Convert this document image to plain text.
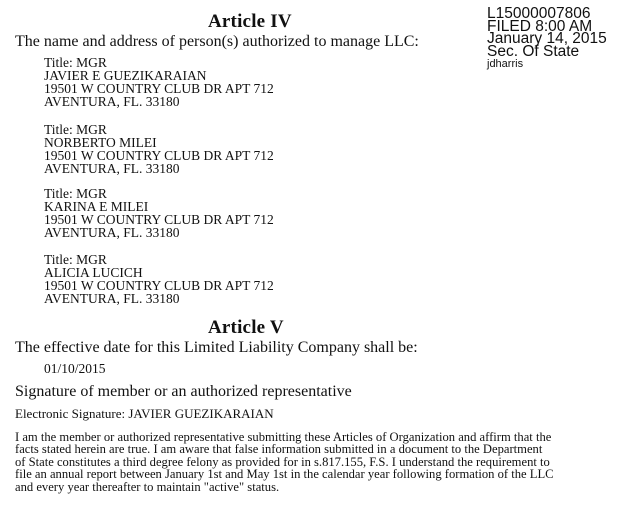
L15000007806
FILED 8:00 AM
January 14, 2015
Sec. Of State
jdharris
Article IV
The name and address of person(s) authorized to manage LLC:
Title: MGR
JAVIER E GUEZIKARAIAN
19501 W COUNTRY CLUB DR APT 712
AVENTURA, FL. 33180
Title: MGR
NORBERTO MILEI
19501 W COUNTRY CLUB DR APT 712
AVENTURA, FL. 33180
Title: MGR
KARINA E MILEI
19501 W COUNTRY CLUB DR APT 712
AVENTURA, FL. 33180
Title: MGR
ALICIA LUCICH
19501 W COUNTRY CLUB DR APT 712
AVENTURA, FL. 33180
Article V
The effective date for this Limited Liability Company shall be:
01/10/2015
Signature of member or an authorized representative
Electronic Signature: JAVIER GUEZIKARAIAN
I am the member or authorized representative submitting these Articles of Organization and affirm that the
facts stated herein are true. I am aware that false information submitted in a document to the Department
of State constitutes a third degree felony as provided for in s.817.155, F.S. I understand the requirement to
file an annual report between January 1st and May 1st in the calendar year following formation of the LLC
and every year thereafter to maintain "active" status.
